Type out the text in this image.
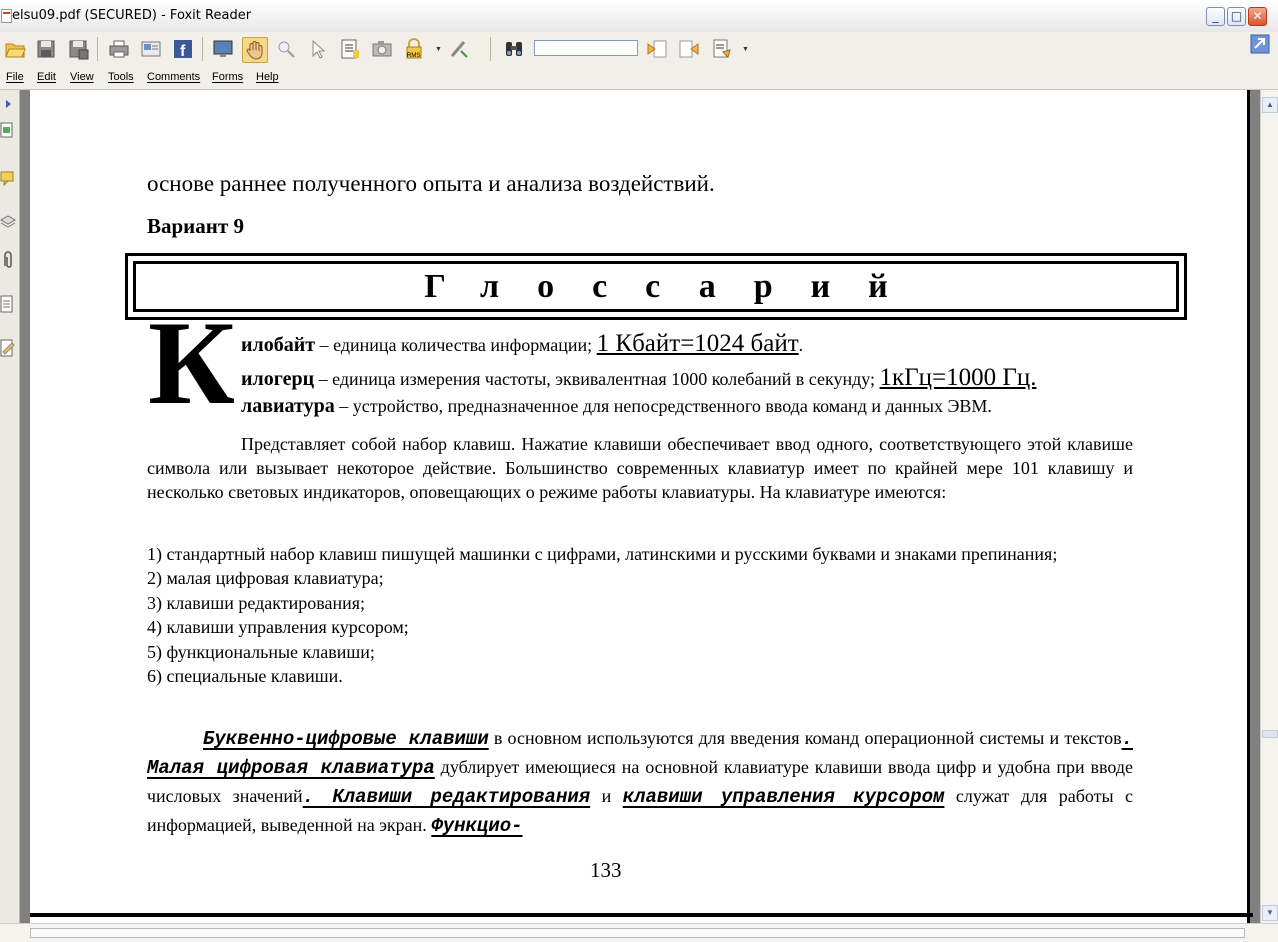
elsu09.pdf (SECURED) - Foxit Reader	_	□ ✕
f	RMS
▼	▼
File Edit View Tools Comments Forms Help
основе раннее полученного опыта и анализа воздействий.
Вариант 9
Глоссарий
К илобайт – единица количества информации; 1 Кбайт=1024 байт.
илогерц – единица измерения частоты, эквивалентная 1000 колебаний в секунду; 1кГц=1000 Гц.
лавиатура – устройство, предназначенное для непосредственного ввода команд и данных ЭВМ.
Представляет собой набор клавиш. Нажатие клавиши обеспечивает ввод одного, соответствующего этой клавише символа или вызывает некоторое действие. Большинство современных клавиатур имеет по крайней мере 101 клавишу и несколько световых индикаторов, оповещающих о режиме работы клавиатуры. На клавиатуре имеются:
1) стандартный набор клавиш пишущей машинки с цифрами, латинскими и русскими буквами и знаками препинания;
2) малая цифровая клавиатура;
3) клавиши редактирования;
4) клавиши управления курсором;
5) функциональные клавиши;
6) специальные клавиши.
Буквенно-цифровые клавиши в основном используются для введения команд операционной системы и текстов. Малая цифровая клавиатура дублирует имеющиеся на основной клавиатуре клавиши ввода цифр и удобна при вводе числовых значений. Клавиши редактирования и клавиши управления курсором служат для работы с информацией, выведенной на экран. Функцио-
133
▲
▼
